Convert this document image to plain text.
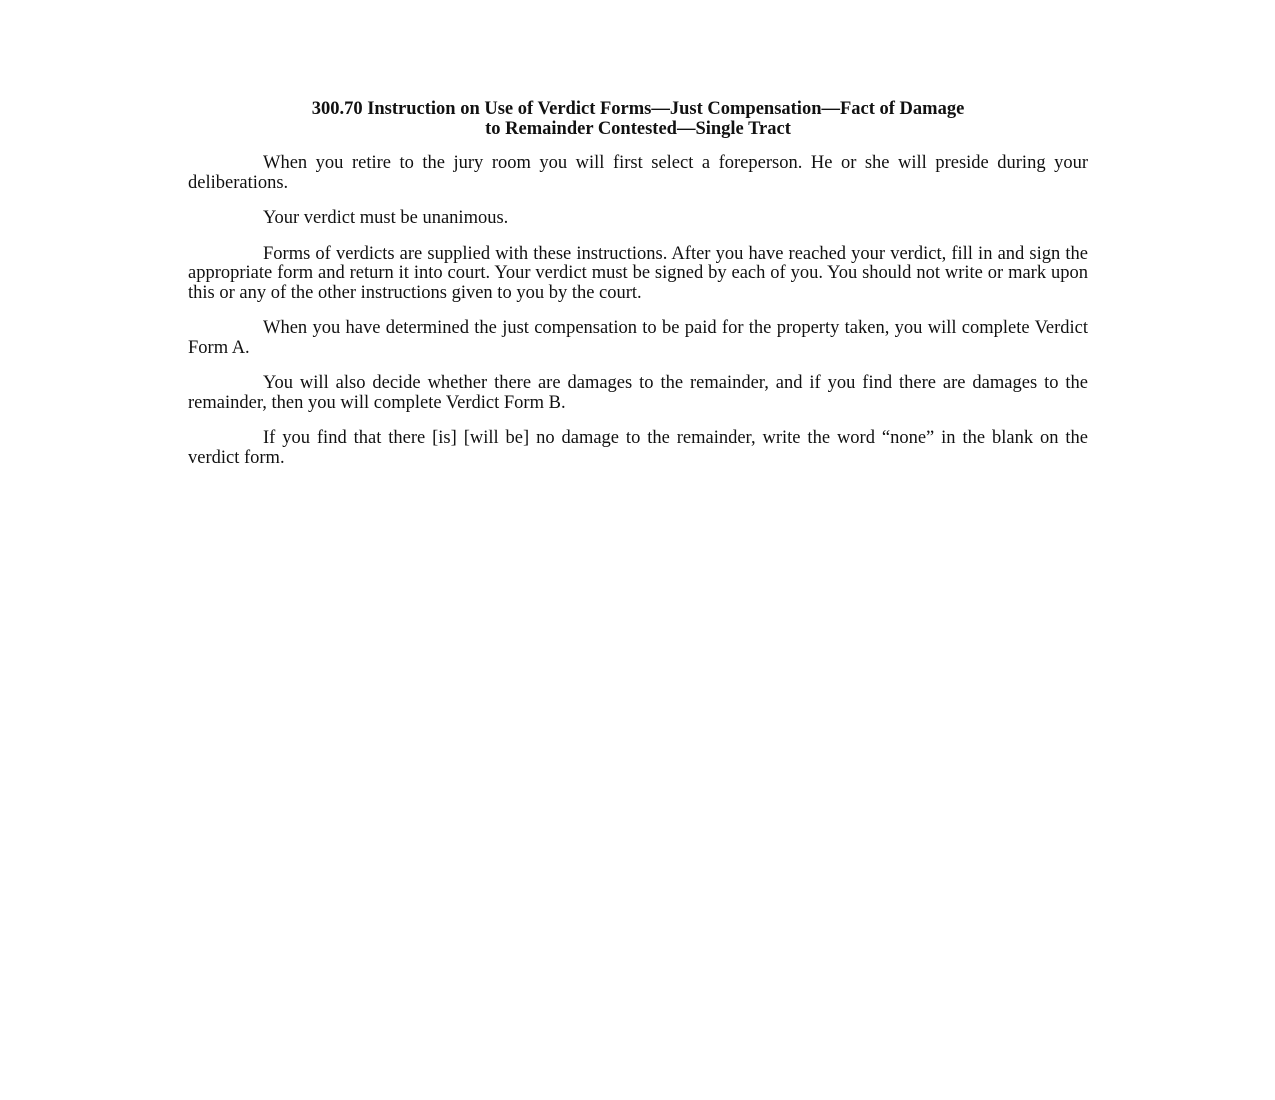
300.70 Instruction on Use of Verdict Forms—Just Compensation—Fact of Damage
to Remainder Contested—Single Tract

When you retire to the jury room you will first select a foreperson. He or she will preside during your deliberations.

Your verdict must be unanimous.

Forms of verdicts are supplied with these instructions. After you have reached your verdict, fill in and sign the appropriate form and return it into court. Your verdict must be signed by each of you. You should not write or mark upon this or any of the other instructions given to you by the court.

When you have determined the just compensation to be paid for the property taken, you will complete Verdict Form A.

You will also decide whether there are damages to the remainder, and if you find there are damages to the remainder, then you will complete Verdict Form B.

If you find that there [is] [will be] no damage to the remainder, write the word “none” in the blank on the verdict form.
